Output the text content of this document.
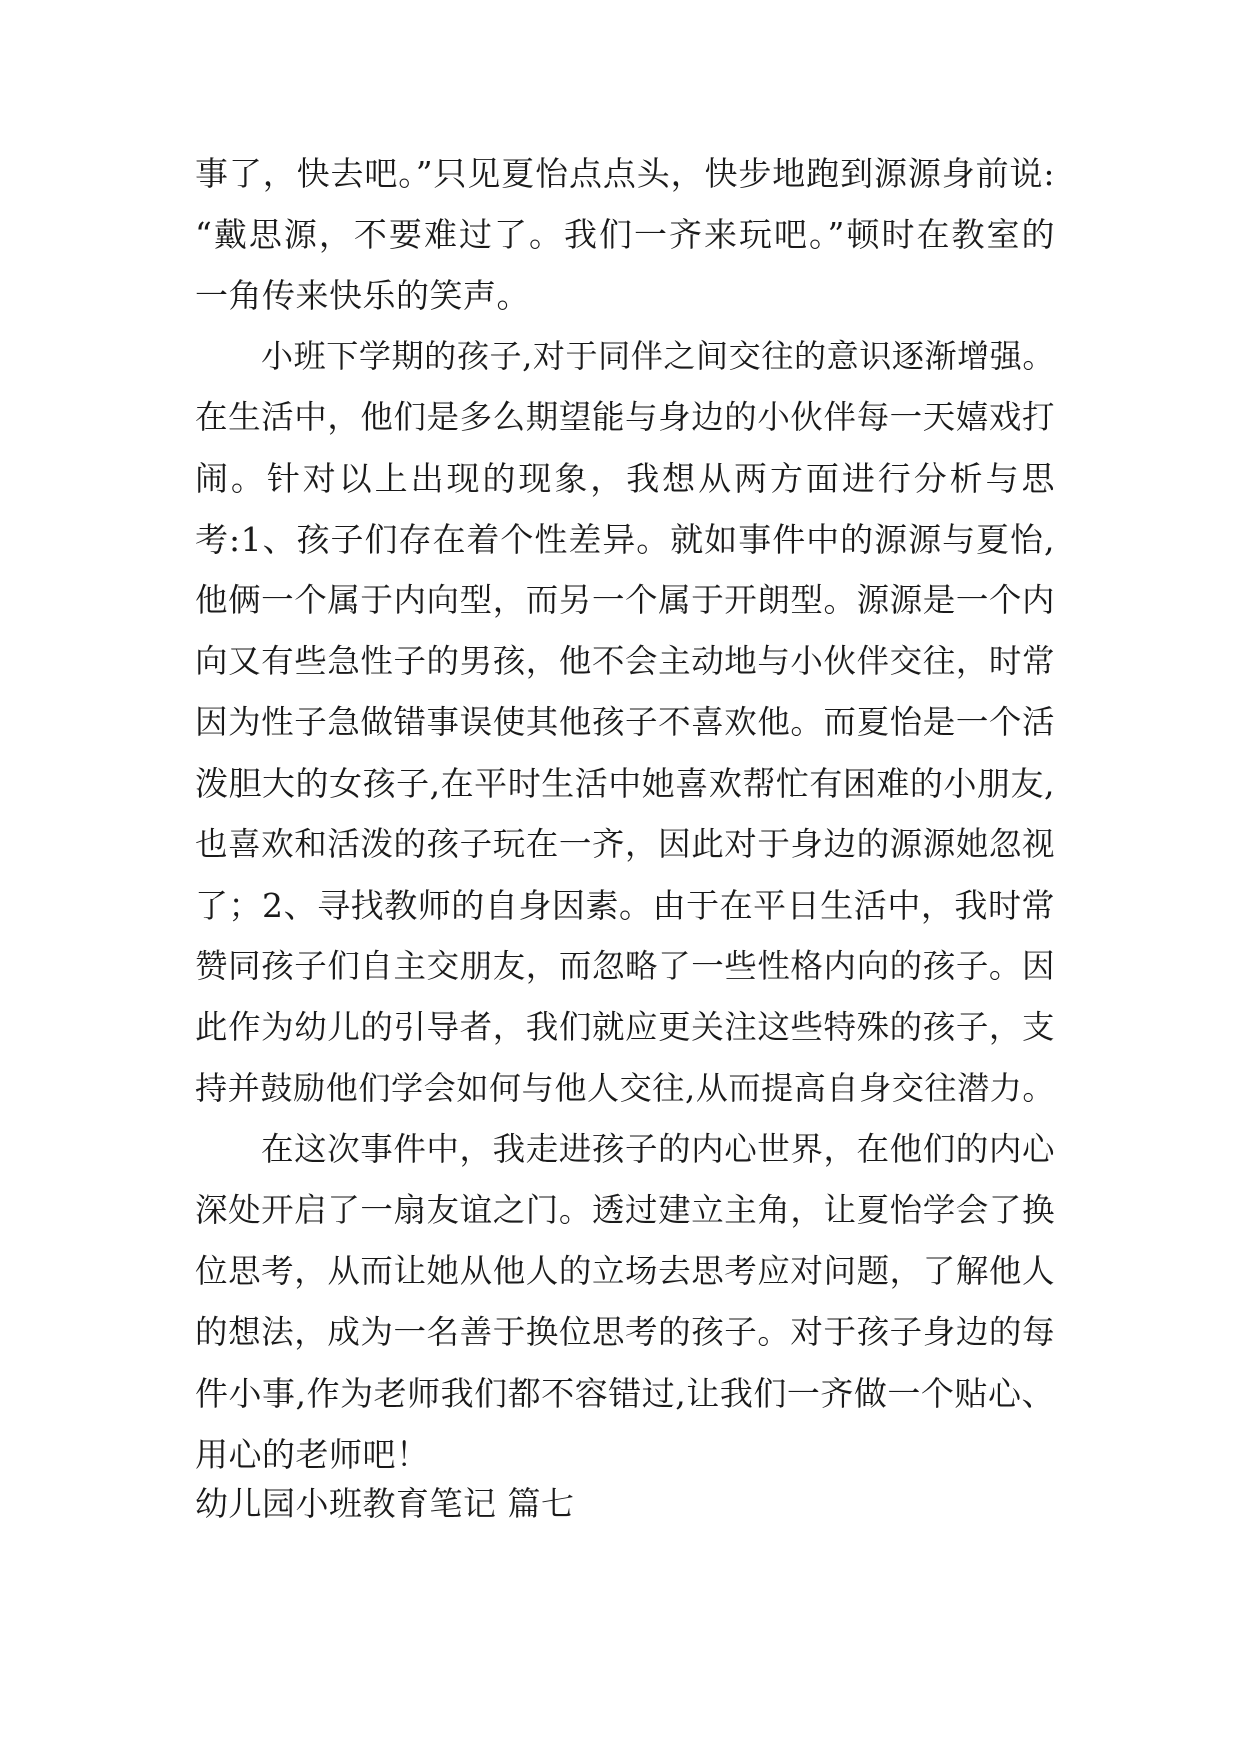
事了，快去吧。”只见夏怡点点头，快步地跑到源源身前说:
“戴思源，不要难过了。我们一齐来玩吧。”顿时在教室的
一角传来快乐的笑声。
小班下学期的孩子,对于同伴之间交往的意识逐渐增强。
在生活中，他们是多么期望能与身边的小伙伴每一天嬉戏打
闹。针对以上出现的现象，我想从两方面进行分析与思
考:1、孩子们存在着个性差异。就如事件中的源源与夏怡,
他俩一个属于内向型，而另一个属于开朗型。源源是一个内
向又有些急性子的男孩，他不会主动地与小伙伴交往，时常
因为性子急做错事误使其他孩子不喜欢他。而夏怡是一个活
泼胆大的女孩子,在平时生活中她喜欢帮忙有困难的小朋友,
也喜欢和活泼的孩子玩在一齐，因此对于身边的源源她忽视
了；2、寻找教师的自身因素。由于在平日生活中，我时常
赞同孩子们自主交朋友，而忽略了一些性格内向的孩子。因
此作为幼儿的引导者，我们就应更关注这些特殊的孩子，支
持并鼓励他们学会如何与他人交往,从而提高自身交往潜力。
在这次事件中，我走进孩子的内心世界，在他们的内心
深处开启了一扇友谊之门。透过建立主角，让夏怡学会了换
位思考，从而让她从他人的立场去思考应对问题，了解他人
的想法，成为一名善于换位思考的孩子。对于孩子身边的每
件小事,作为老师我们都不容错过,让我们一齐做一个贴心、
用心的老师吧！
幼儿园小班教育笔记 篇七
